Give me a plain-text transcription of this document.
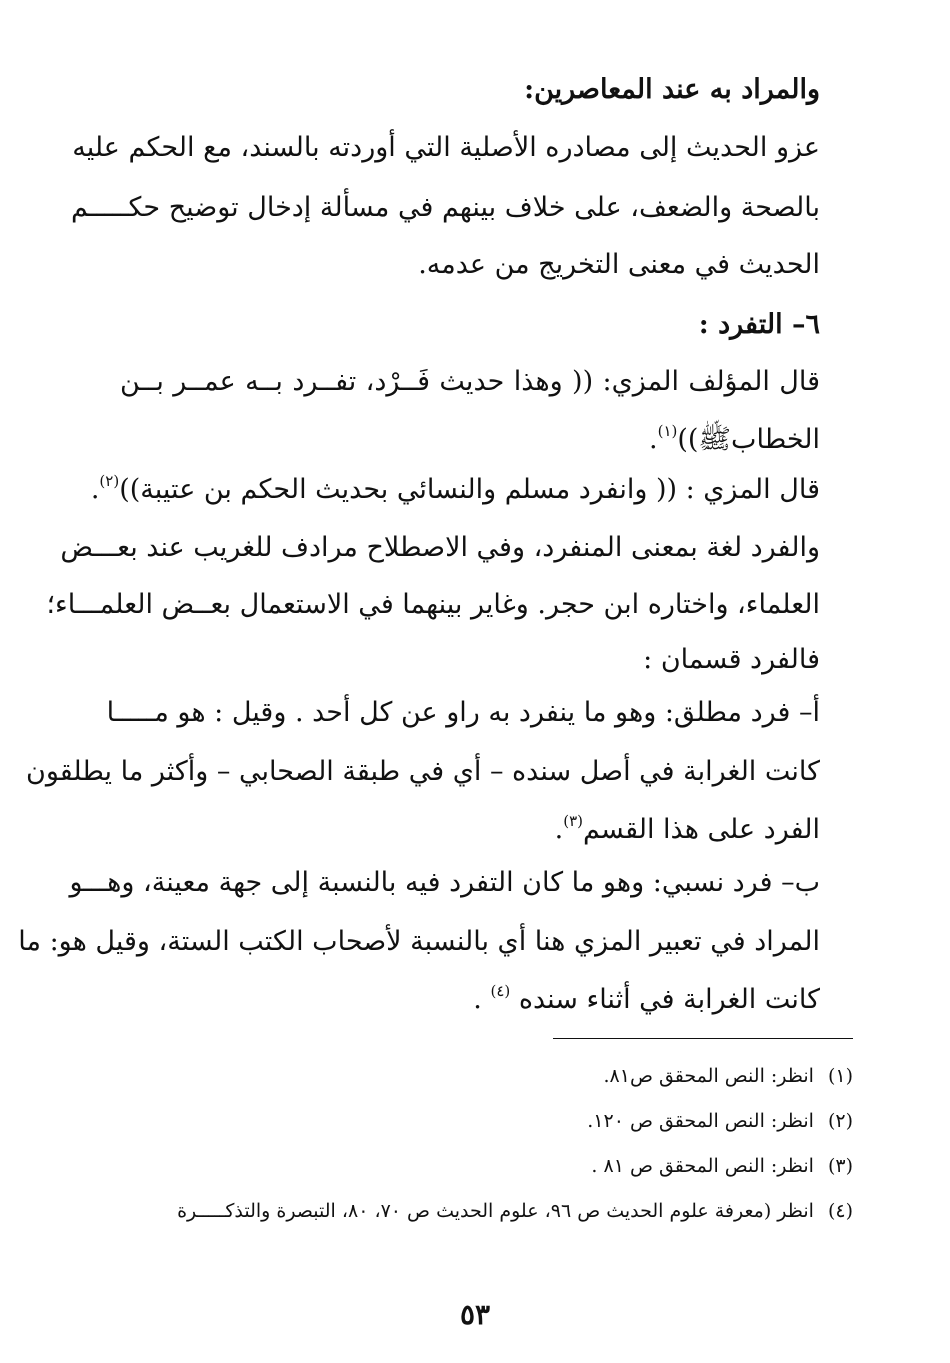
والمراد به عند المعاصرين:
عزو الحديث إلى مصادره الأصلية التي أوردته بالسند، مع الحكم عليه
بالصحة والضعف، على خلاف بينهم في مسألة إدخال توضيح حكـــــم
الحديث في معنى التخريج من عدمه.
٦– التفرد :
قال المؤلف المزي: (( وهذا حديث فَــرْد، تفــرد بــه عمــر بــن
الخطابﷺ))$^{(١)}$.
قال المزي : (( وانفرد مسلم والنسائي بحديث الحكم بن عتيبة))$^{(٢)}$.
والفرد لغة بمعنى المنفرد، وفي الاصطلاح مرادف للغريب عند بعـــض
العلماء، واختاره ابن حجر. وغاير بينهما في الاستعمال بعــض العلمـــاء؛
فالفرد قسمان :
أ– فرد مطلق: وهو ما ينفرد به راو عن كل أحد . وقيل : هو مـــــا
كانت الغرابة في أصل سنده – أي في طبقة الصحابي – وأكثر ما يطلقون
الفرد على هذا القسم$^{(٣)}$.
ب– فرد نسبي: وهو ما كان التفرد فيه بالنسبة إلى جهة معينة، وهـــو
المراد في تعبير المزي هنا أي بالنسبة لأصحاب الكتب الستة، وقيل هو: ما
كانت الغرابة في أثناء سنده $^{(٤)}$ .
(١)انظر: النص المحقق ص٨١.
(٢)انظر: النص المحقق ص ١٢٠.
(٣)انظر: النص المحقق ص ٨١ .
(٤)انظر (معرفة علوم الحديث ص ٩٦، علوم الحديث ص ٧٠، ٨٠، التبصرة والتذكـــــرة
٥٣
